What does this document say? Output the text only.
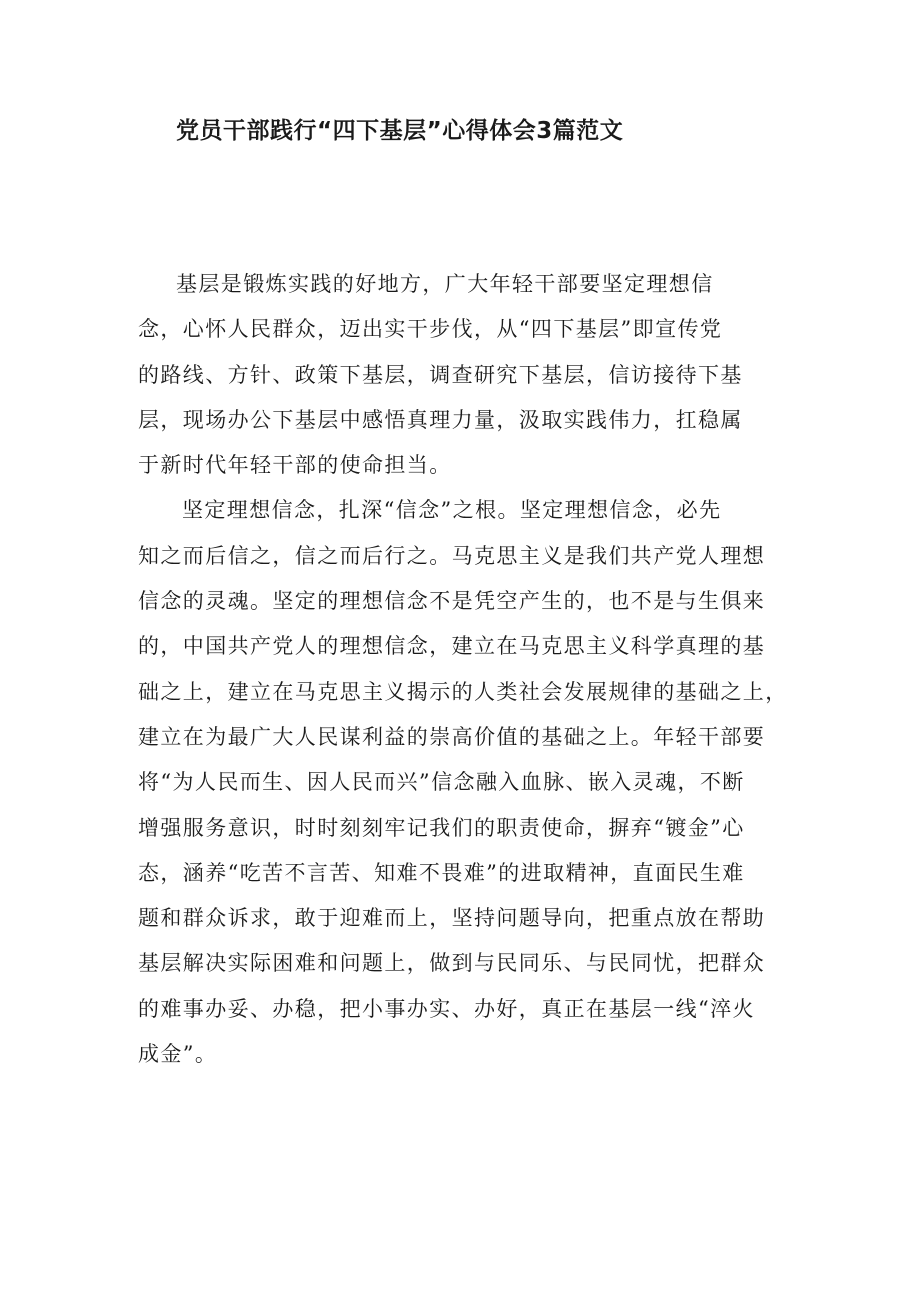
党员干部践行“四下基层”心得体会3篇范文
基层是锻炼实践的好地方，广大年轻干部要坚定理想信
念，心怀人民群众，迈出实干步伐，从“四下基层”即宣传党
的路线、方针、政策下基层，调查研究下基层，信访接待下基
层，现场办公下基层中感悟真理力量，汲取实践伟力，扛稳属
于新时代年轻干部的使命担当。
坚定理想信念，扎深“信念”之根。坚定理想信念，必先
知之而后信之，信之而后行之。马克思主义是我们共产党人理想
信念的灵魂。坚定的理想信念不是凭空产生的，也不是与生俱来
的，中国共产党人的理想信念，建立在马克思主义科学真理的基
础之上，建立在马克思主义揭示的人类社会发展规律的基础之上，
建立在为最广大人民谋利益的崇高价值的基础之上。年轻干部要
将“为人民而生、因人民而兴”信念融入血脉、嵌入灵魂，不断
增强服务意识，时时刻刻牢记我们的职责使命，摒弃“镀金”心
态，涵养“吃苦不言苦、知难不畏难”的进取精神，直面民生难
题和群众诉求，敢于迎难而上，坚持问题导向，把重点放在帮助
基层解决实际困难和问题上，做到与民同乐、与民同忧，把群众
的难事办妥、办稳，把小事办实、办好，真正在基层一线“淬火
成金”。
